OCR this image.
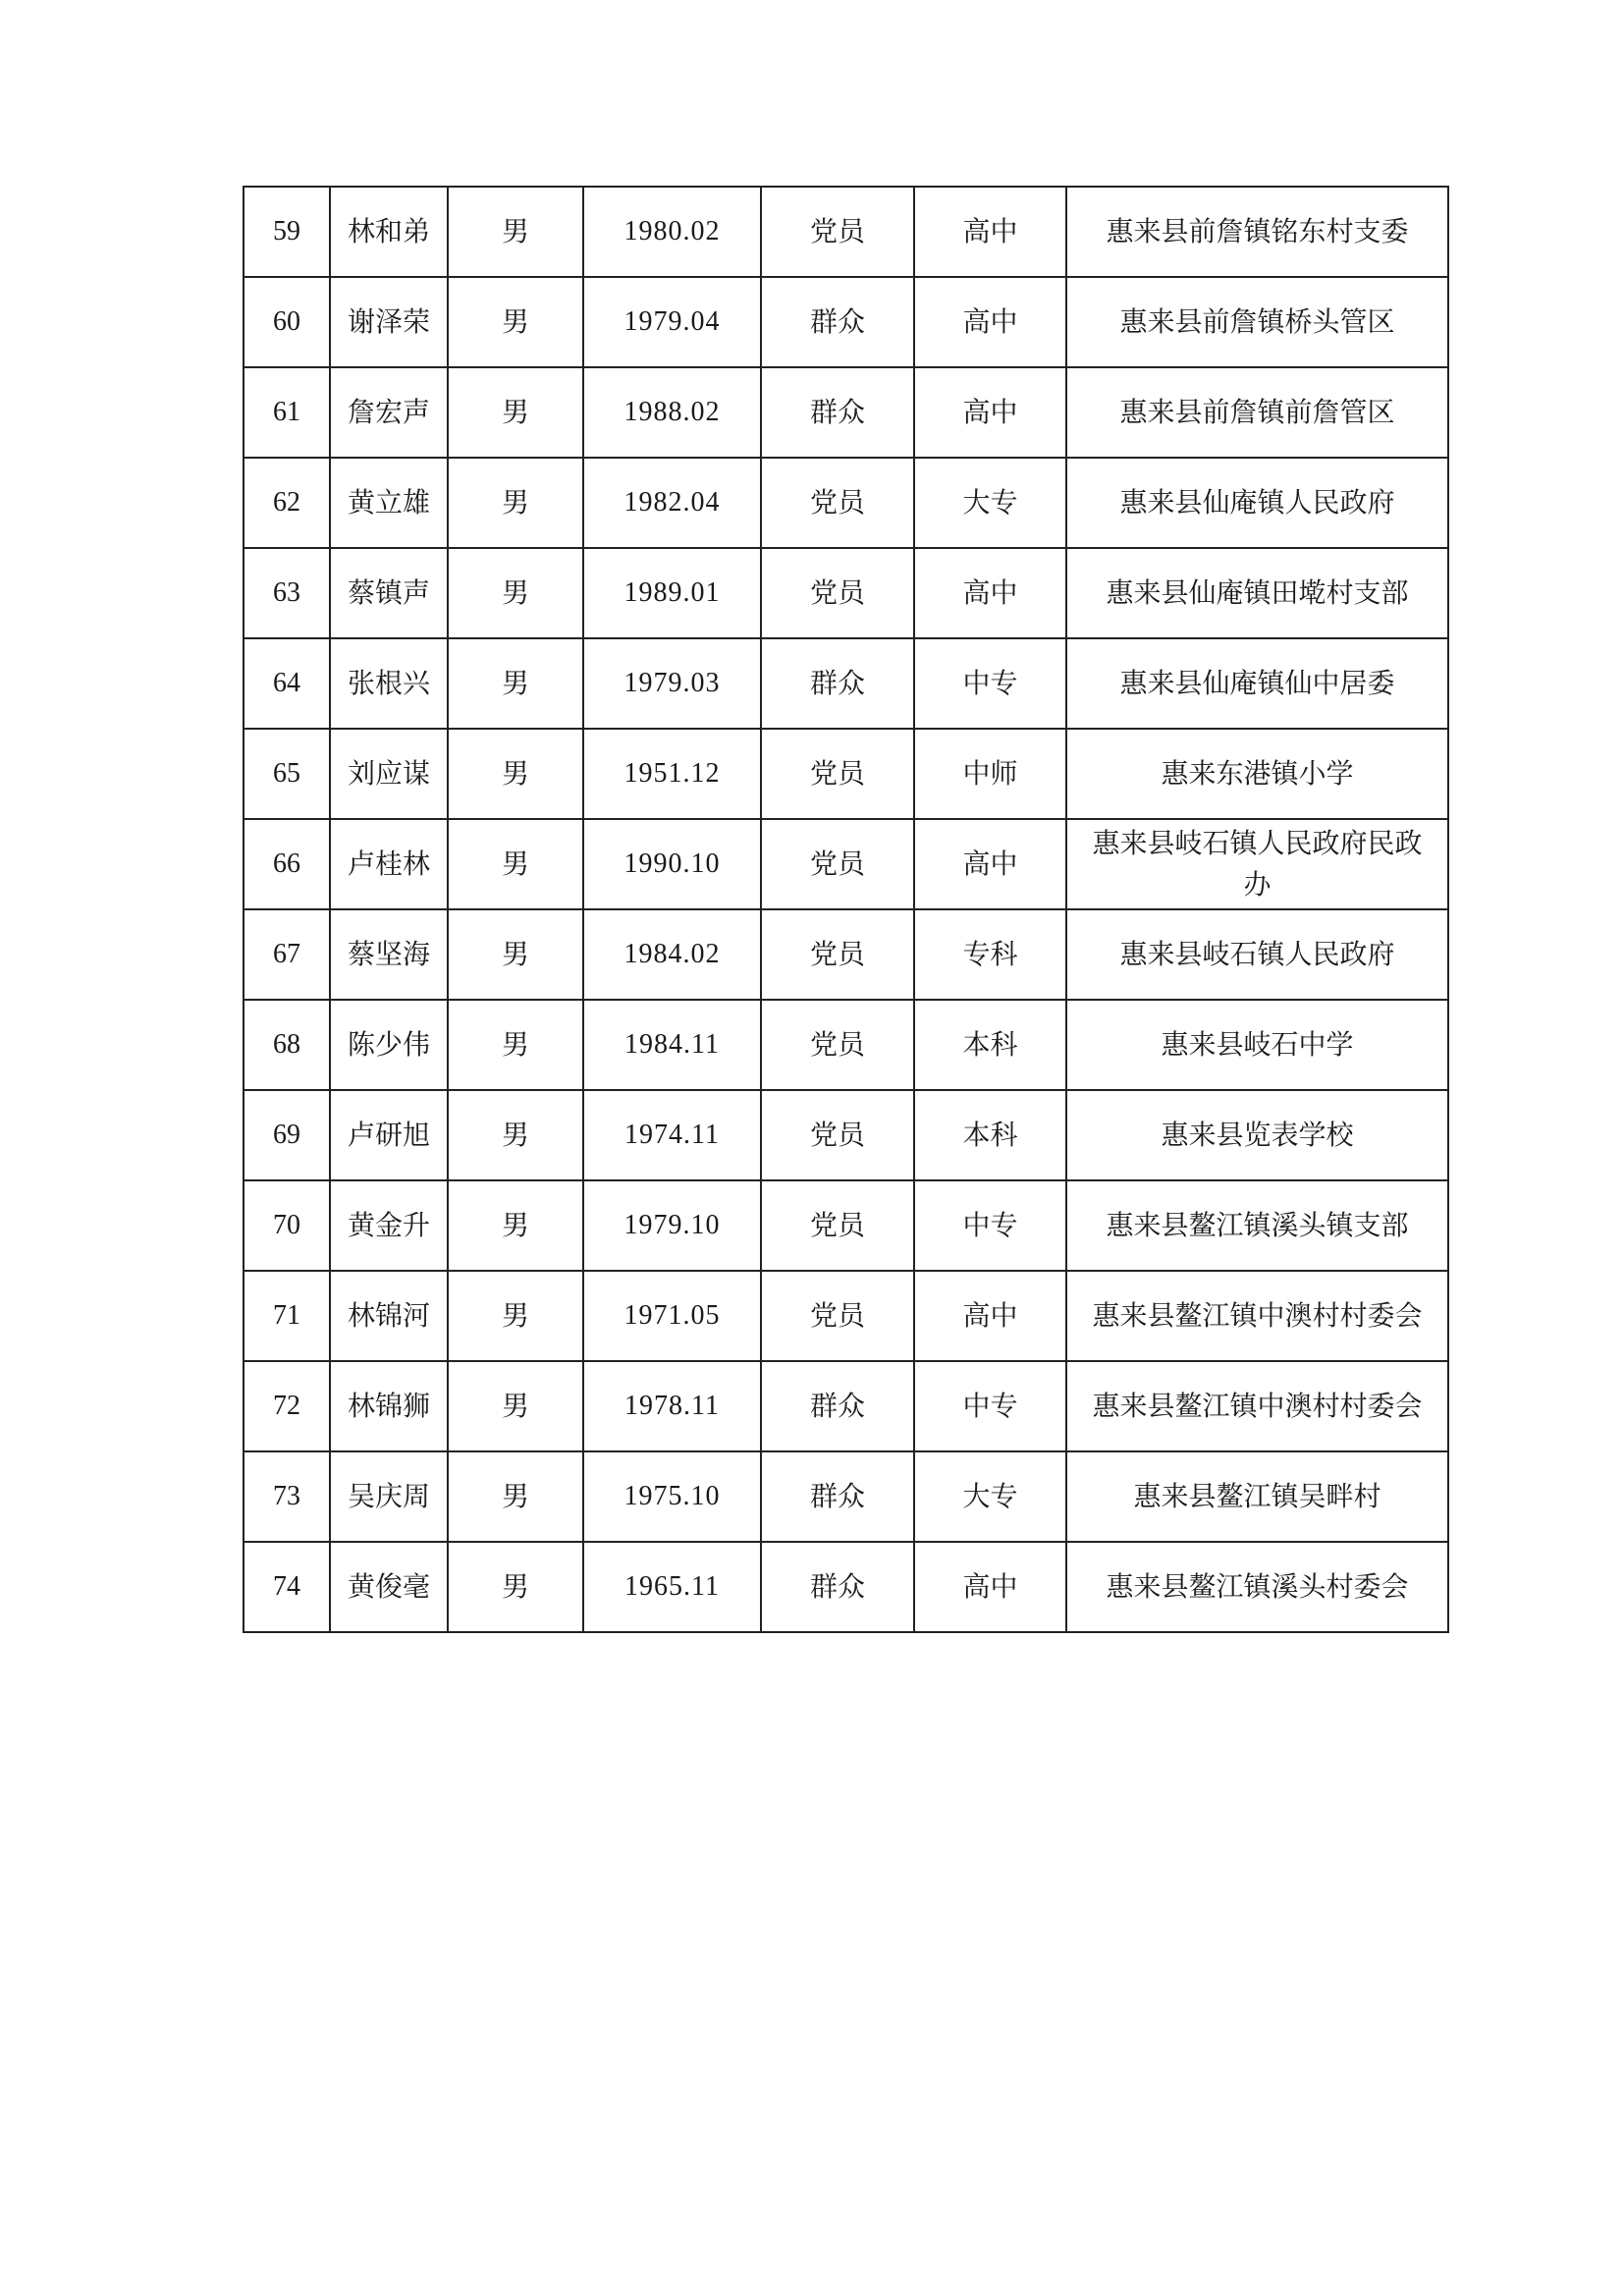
59	林和弟	男	1980.02	党员	高中	惠来县前詹镇铭东村支委
60	谢泽荣	男	1979.04	群众	高中	惠来县前詹镇桥头管区
61	詹宏声	男	1988.02	群众	高中	惠来县前詹镇前詹管区
62	黄立雄	男	1982.04	党员	大专	惠来县仙庵镇人民政府
63	蔡镇声	男	1989.01	党员	高中	惠来县仙庵镇田墘村支部
64	张根兴	男	1979.03	群众	中专	惠来县仙庵镇仙中居委
65	刘应谋	男	1951.12	党员	中师	惠来东港镇小学
66	卢桂林	男	1990.10	党员	高中	惠来县岐石镇人民政府民政办
67	蔡坚海	男	1984.02	党员	专科	惠来县岐石镇人民政府
68	陈少伟	男	1984.11	党员	本科	惠来县岐石中学
69	卢研旭	男	1974.11	党员	本科	惠来县览表学校
70	黄金升	男	1979.10	党员	中专	惠来县鳌江镇溪头镇支部
71	林锦河	男	1971.05	党员	高中	惠来县鳌江镇中澳村村委会
72	林锦狮	男	1978.11	群众	中专	惠来县鳌江镇中澳村村委会
73	吴庆周	男	1975.10	群众	大专	惠来县鳌江镇吴畔村
74	黄俊毫	男	1965.11	群众	高中	惠来县鳌江镇溪头村委会
